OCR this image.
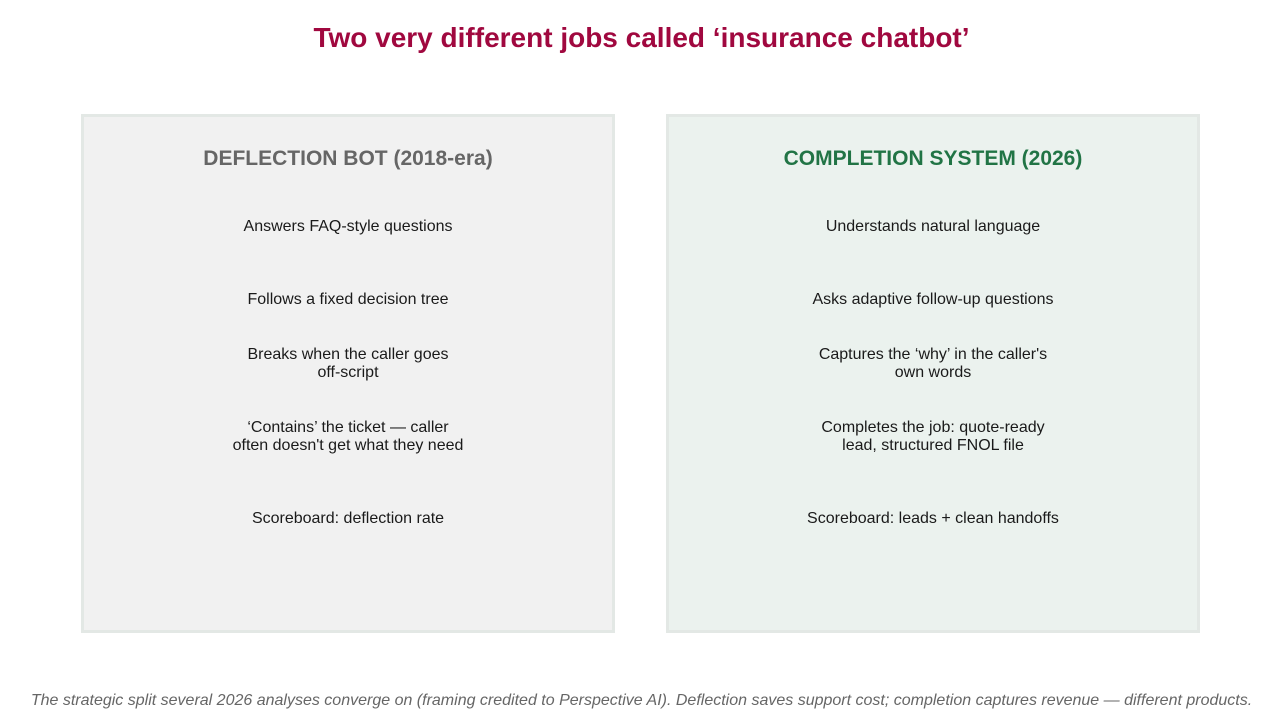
Two very different jobs called ‘insurance chatbot’
DEFLECTION BOT (2018-era)
Answers FAQ-style questions
Follows a fixed decision tree
Breaks when the caller goes
off-script
‘Contains’ the ticket — caller
often doesn't get what they need
Scoreboard: deflection rate
COMPLETION SYSTEM (2026)
Understands natural language
Asks adaptive follow-up questions
Captures the ‘why’ in the caller's
own words
Completes the job: quote-ready
lead, structured FNOL file
Scoreboard: leads + clean handoffs

The strategic split several 2026 analyses converge on (framing credited to Perspective AI). Deflection saves support cost; completion captures revenue — different products.
